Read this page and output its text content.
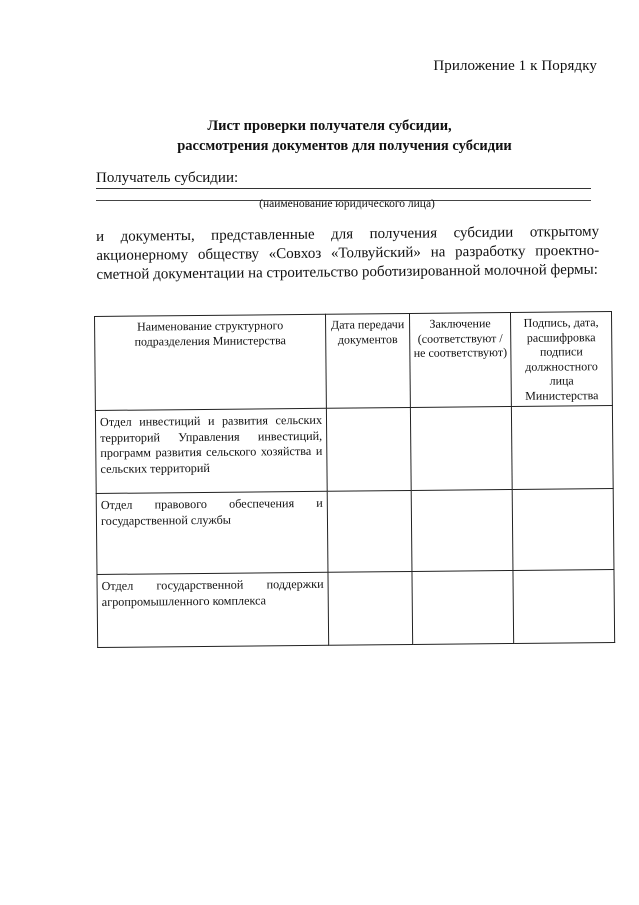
Приложение 1 к Порядку
Лист проверки получателя субсидии,
рассмотрения документов для получения субсидии
Получатель субсидии:
(наименование юридического лица)
и документы, представленные для получения субсидии открытому акционерному обществу «Совхоз «Толвуйский» на разработку проектно-сметной документации на строительство роботизированной молочной фермы:
Наименование структурного подразделения Министерства	Дата передачи документов	Заключение (соответствуют / не соответствуют)	Подпись, дата, расшифровка подписи должностного лица Министерства
Отдел инвестиций и развития сельских территорий Управления инвестиций, программ развития сельского хозяйства и сельских территорий			
Отдел правового обеспечения и государственной службы			
Отдел государственной поддержки агропромышленного комплекса			
